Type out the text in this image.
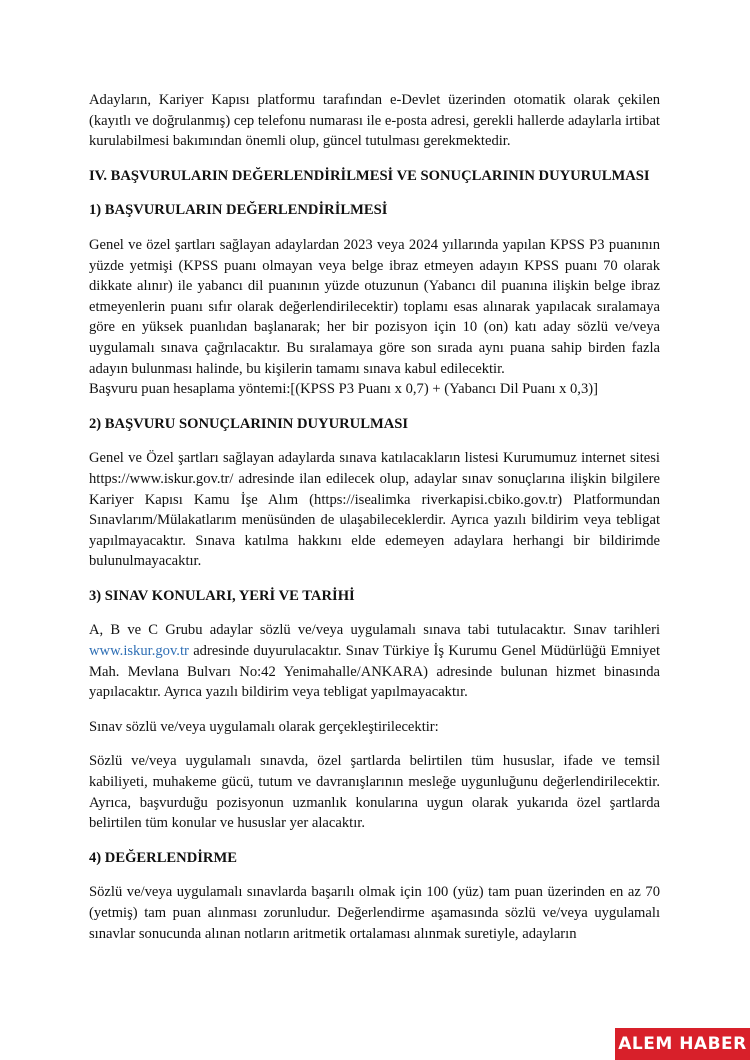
Adayların, Kariyer Kapısı platformu tarafından e-Devlet üzerinden otomatik olarak çekilen (kayıtlı ve doğrulanmış) cep telefonu numarası ile e-posta adresi, gerekli hallerde adaylarla irtibat kurulabilmesi bakımından önemli olup, güncel tutulması gerekmektedir.

IV. BAŞVURULARIN DEĞERLENDİRİLMESİ VE SONUÇLARININ DUYURULMASI
1) BAŞVURULARIN DEĞERLENDİRİLMESİ

Genel ve özel şartları sağlayan adaylardan 2023 veya 2024 yıllarında yapılan KPSS P3 puanının yüzde yetmişi (KPSS puanı olmayan veya belge ibraz etmeyen adayın KPSS puanı 70 olarak dikkate alınır) ile yabancı dil puanının yüzde otuzunun (Yabancı dil puanına ilişkin belge ibraz etmeyenlerin puanı sıfır olarak değerlendirilecektir) toplamı esas alınarak yapılacak sıralamaya göre en yüksek puanlıdan başlanarak; her bir pozisyon için 10 (on) katı aday sözlü ve/veya uygulamalı sınava çağrılacaktır. Bu sıralamaya göre son sırada aynı puana sahip birden fazla adayın bulunması halinde, bu kişilerin tamamı sınava kabul edilecektir.

Başvuru puan hesaplama yöntemi:[(KPSS P3 Puanı x 0,7) + (Yabancı Dil Puanı x 0,3)]

2) BAŞVURU SONUÇLARININ DUYURULMASI

Genel ve Özel şartları sağlayan adaylarda sınava katılacakların listesi Kurumumuz internet sitesi https://www.iskur.gov.tr/ adresinde ilan edilecek olup, adaylar sınav sonuçlarına ilişkin bilgilere Kariyer Kapısı Kamu İşe Alım (https://isealimka riverkapisi.cbiko.gov.tr) Platformundan Sınavlarım/Mülakatlarım menüsünden de ulaşabileceklerdir. Ayrıca yazılı bildirim veya tebligat yapılmayacaktır. Sınava katılma hakkını elde edemeyen adaylara herhangi bir bildirimde bulunulmayacaktır.

3) SINAV KONULARI, YERİ VE TARİHİ

A, B ve C Grubu adaylar sözlü ve/veya uygulamalı sınava tabi tutulacaktır. Sınav tarihleri www.iskur.gov.tr adresinde duyurulacaktır. Sınav Türkiye İş Kurumu Genel Müdürlüğü Emniyet Mah. Mevlana Bulvarı No:42 Yenimahalle/ANKARA) adresinde bulunan hizmet binasında yapılacaktır. Ayrıca yazılı bildirim veya tebligat yapılmayacaktır.

Sınav sözlü ve/veya uygulamalı olarak gerçekleştirilecektir:

Sözlü ve/veya uygulamalı sınavda, özel şartlarda belirtilen tüm hususlar, ifade ve temsil kabiliyeti, muhakeme gücü, tutum ve davranışlarının mesleğe uygunluğunu değerlendirilecektir. Ayrıca, başvurduğu pozisyonun uzmanlık konularına uygun olarak yukarıda özel şartlarda belirtilen tüm konular ve hususlar yer alacaktır.

4) DEĞERLENDİRME

Sözlü ve/veya uygulamalı sınavlarda başarılı olmak için 100 (yüz) tam puan üzerinden en az 70 (yetmiş) tam puan alınması zorunludur. Değerlendirme aşamasında sözlü ve/veya uygulamalı sınavlar sonucunda alınan notların aritmetik ortalaması alınmak suretiyle, adayların

ALEM HABER
